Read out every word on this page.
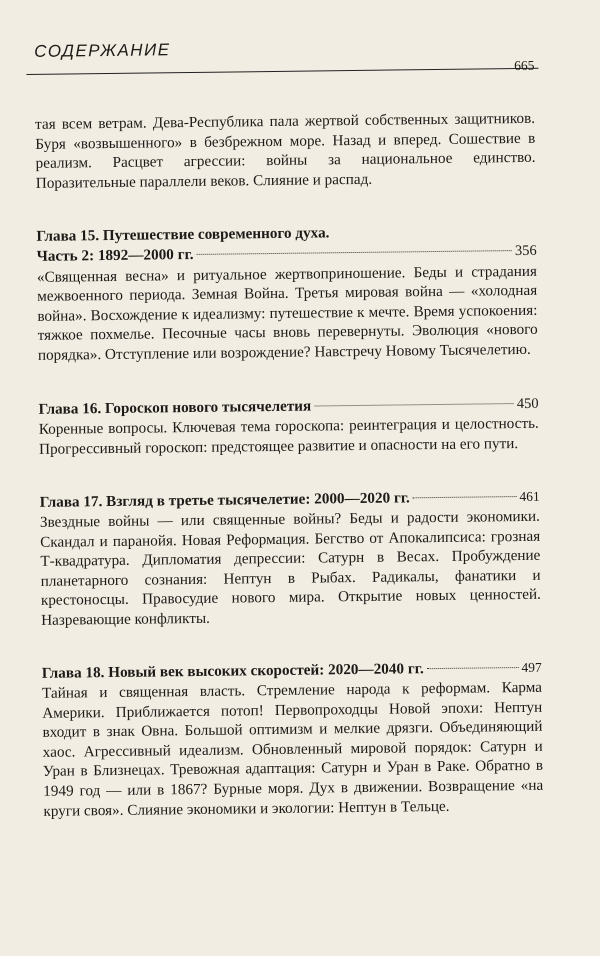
СОДЕРЖАНИЕ
665

тая всем ветрам. Дева-Республика пала жертвой собственных защитников. Буря «возвышенного» в безбрежном море. Назад и вперед. Сошествие в реализм. Расцвет агрессии: войны за национальное единство. Поразительные параллели веков. Слияние и распад.

Глава 15. Путешествие современного духа.
Часть 2: 1892—2000 гг.	356

«Священная весна» и ритуальное жертвоприношение. Беды и страдания межвоенного периода. Земная Война. Третья мировая война — «холодная война». Восхождение к идеализму: путешествие к мечте. Время успокоения: тяжкое похмелье. Песочные часы вновь перевернуты. Эволюция «нового порядка». Отступление или возрождение? Навстречу Новому Тысячелетию.

Глава 16. Гороскоп нового тысячелетия	450

Коренные вопросы. Ключевая тема гороскопа: реинтеграция и целостность. Прогрессивный гороскоп: предстоящее развитие и опасности на его пути.

Глава 17. Взгляд в третье тысячелетие: 2000—2020 гг.	461

Звездные войны — или священные войны? Беды и радости экономики. Скандал и паранойя. Новая Реформация. Бегство от Апокалипсиса: грозная Т-квадратура. Дипломатия депрессии: Сатурн в Весах. Пробуждение планетарного сознания: Нептун в Рыбах. Радикалы, фанатики и крестоносцы. Правосудие нового мира. Открытие новых ценностей. Назревающие конфликты.

Глава 18. Новый век высоких скоростей: 2020—2040 гг.	497

Тайная и священная власть. Стремление народа к реформам. Карма Америки. Приближается потоп! Первопроходцы Новой эпохи: Нептун входит в знак Овна. Большой оптимизм и мелкие дрязги. Объединяющий хаос. Агрессивный идеализм. Обновленный мировой порядок: Сатурн и Уран в Близнецах. Тревожная адаптация: Сатурн и Уран в Раке. Обратно в 1949 год — или в 1867? Бурные моря. Дух в движении. Возвращение «на круги своя». Слияние экономики и экологии: Нептун в Тельце.
